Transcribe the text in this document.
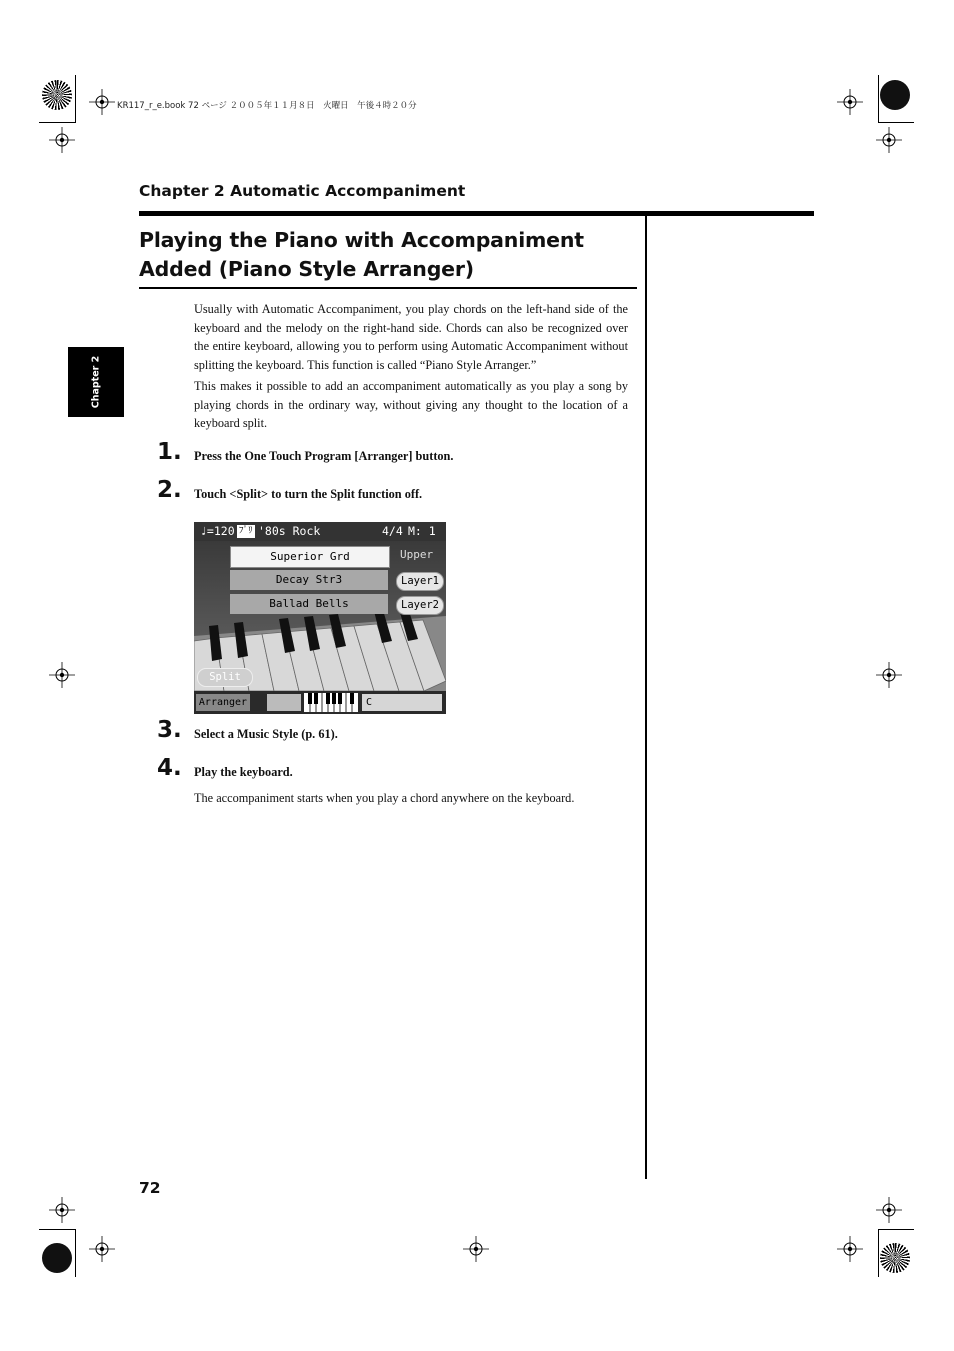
KR117_r_e.book 72 ページ ２００５年１１月８日　火曜日　午後４時２０分
Chapter 2 Automatic Accompaniment
Chapter 2
Playing the Piano with Accompaniment Added (Piano Style Arranger)
Usually with Automatic Accompaniment, you play chords on the left-hand side of the keyboard and the melody on the right-hand side. Chords can also be recognized over the entire keyboard, allowing you to perform using Automatic Accompaniment without splitting the keyboard. This function is called “Piano Style Arranger.”
This makes it possible to add an accompaniment automatically as you play a song by playing chords in the ordinary way, without giving any thought to the location of a keyboard split.
1. Press the One Touch Program [Arranger] button.
2. Touch <Split> to turn the Split function off.
♩=120 ﾌﾟﾘ '80s Rock	4/4 M: 1
Superior Grd
Decay Str3
Ballad Bells
Upper
Layer1
Layer2
Split
Arranger	C
3. Select a Music Style (p. 61).
4. Play the keyboard.
The accompaniment starts when you play a chord anywhere on the keyboard.
72
